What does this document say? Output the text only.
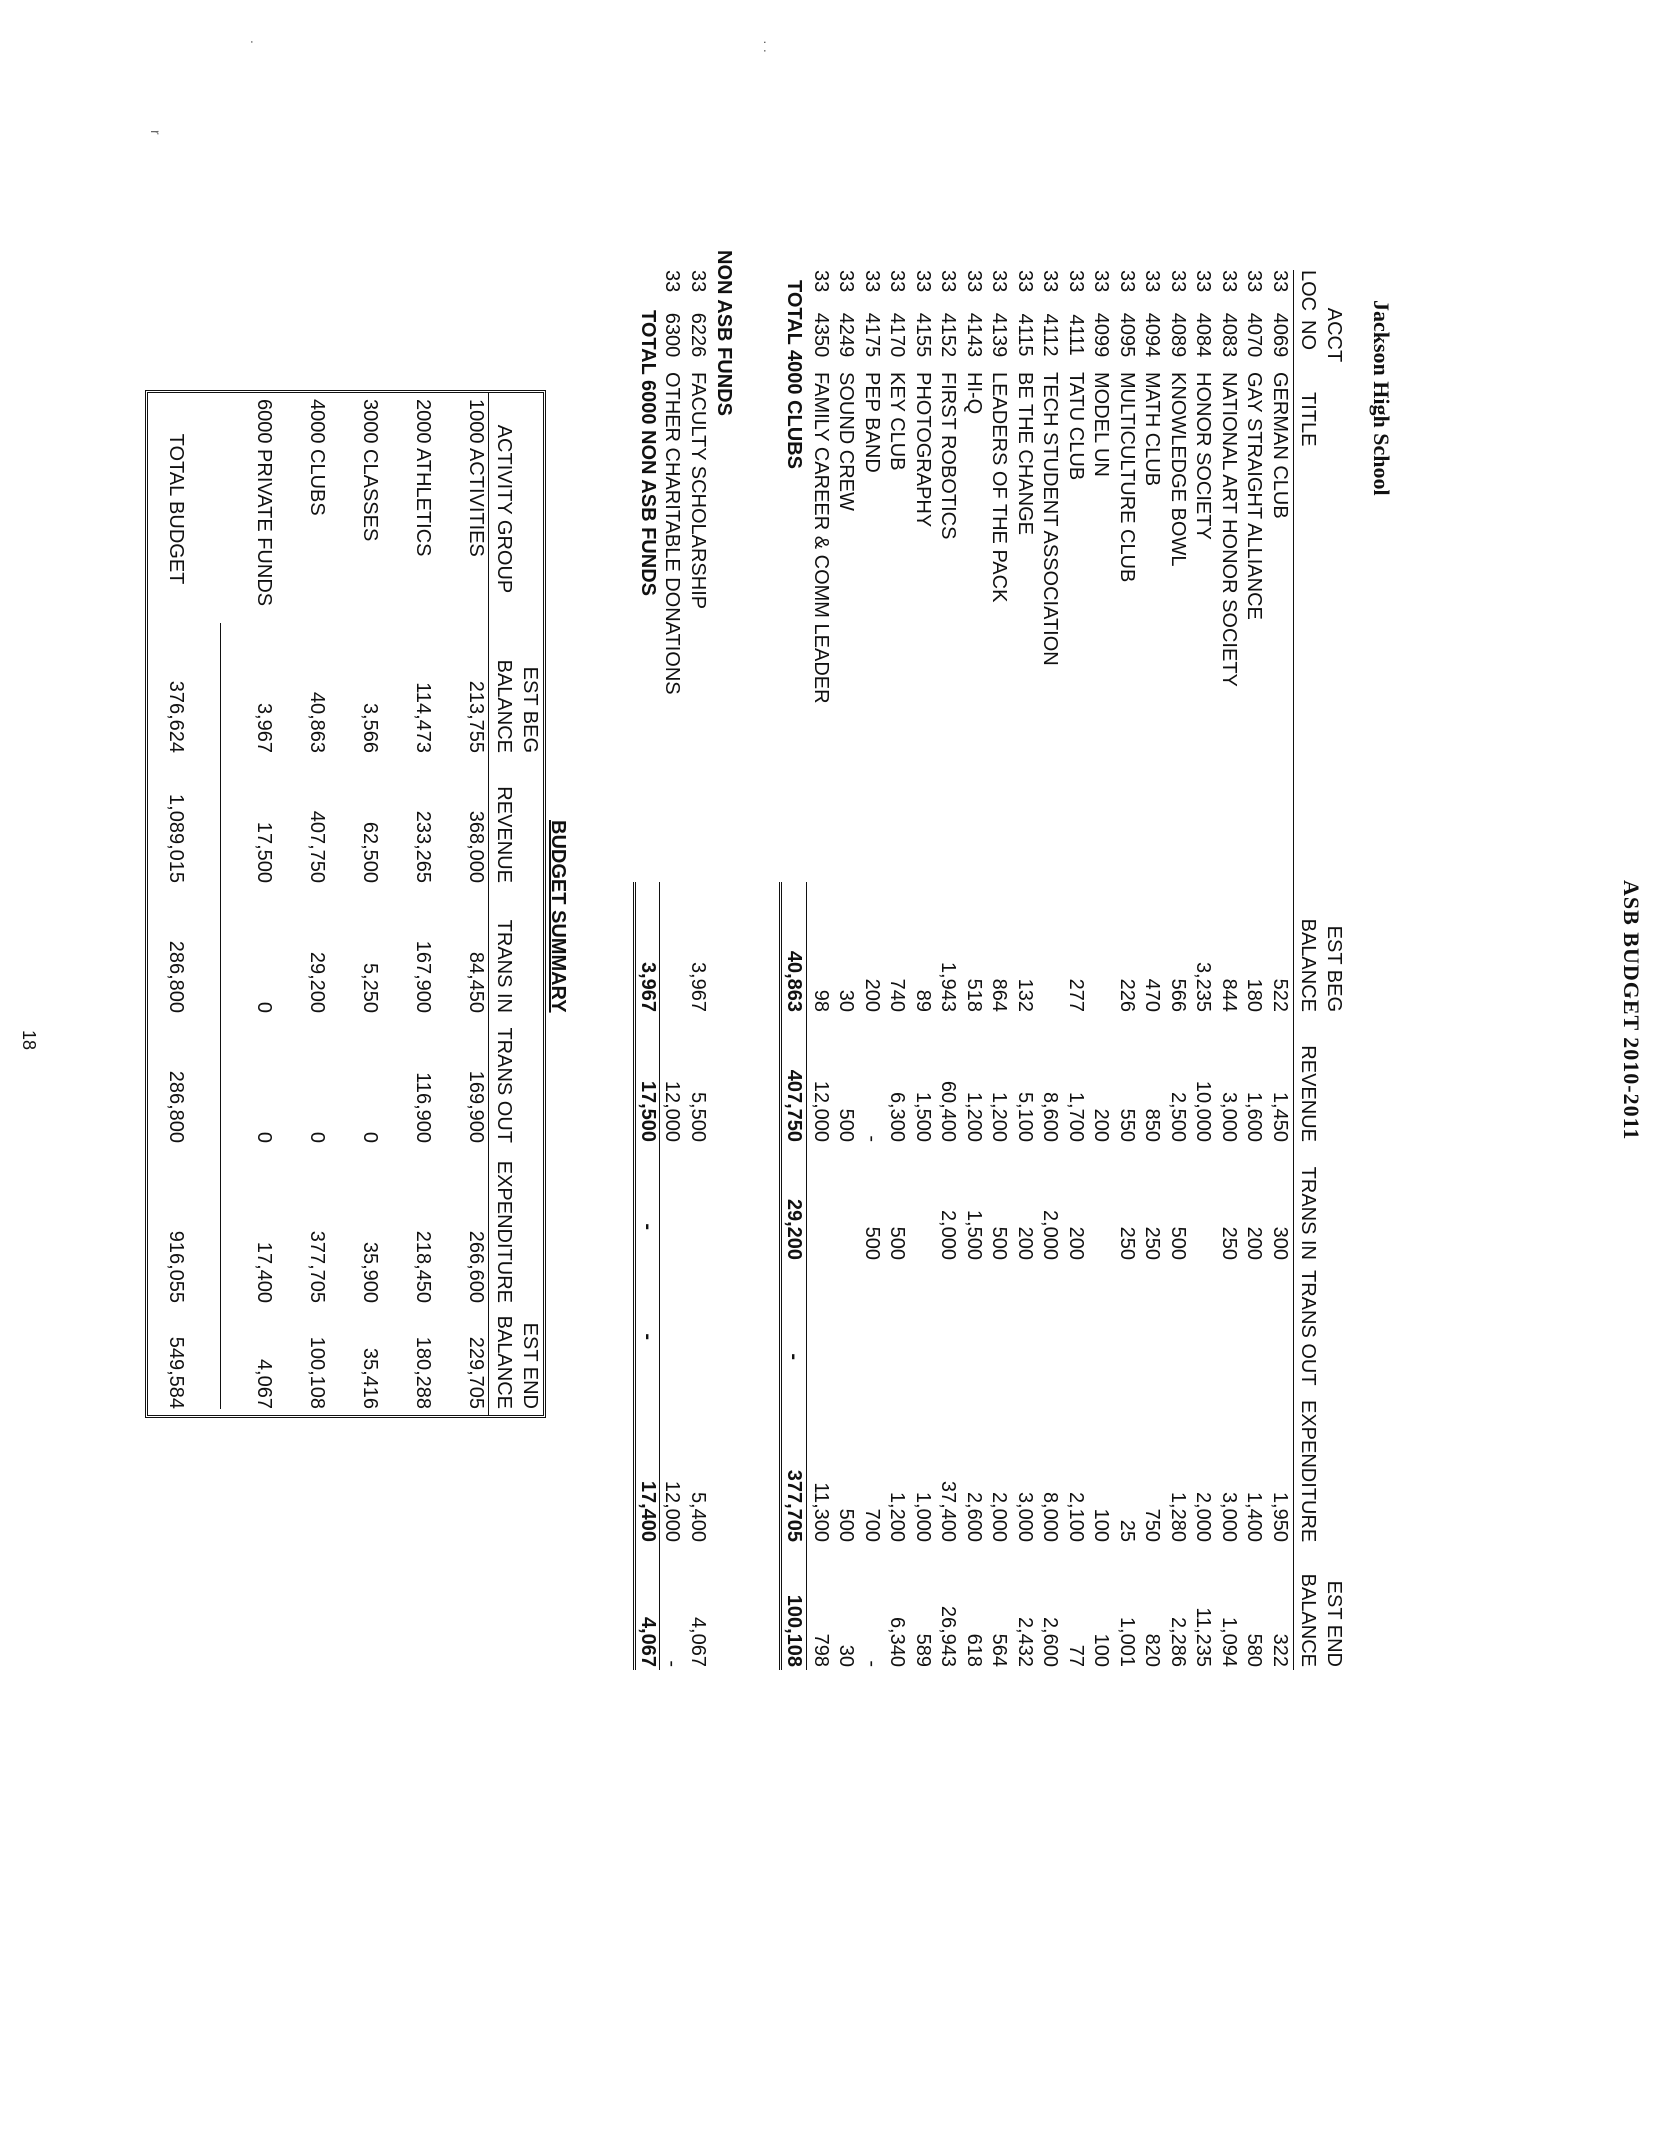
ASB BUDGET 2010-2011
Jackson High School
· ·
.
r
ACCT
EST BEG
EST END
LOC
NO
TITLE
BALANCE
REVENUE
TRANS IN
TRANS OUT
EXPENDITURE
BALANCE
33
4069
GERMAN CLUB
522
1,450
300
1,950
322
33
4070
GAY STRAIGHT ALLIANCE
180
1,600
200
1,400
580
33
4083
NATIONAL ART HONOR SOCIETY
844
3,000
250
3,000
1,094
33
4084
HONOR SOCIETY
3,235
10,000
2,000
11,235
33
4089
KNOWLEDGE BOWL
566
2,500
500
1,280
2,286
33
4094
MATH CLUB
470
850
250
750
820
33
4095
MULTICULTURE CLUB
226
550
250
25
1,001
33
4099
MODEL UN
200
100
100
33
4111
TATU CLUB
277
1,700
200
2,100
77
33
4112
TECH STUDENT ASSOCIATION
8,600
2,000
8,000
2,600
33
4115
BE THE CHANGE
132
5,100
200
3,000
2,432
33
4139
LEADERS OF THE PACK
864
1,200
500
2,000
564
33
4143
HI-Q
518
1,200
1,500
2,600
618
33
4152
FIRST ROBOTICS
1,943
60,400
2,000
37,400
26,943
33
4155
PHOTOGRAPHY
89
1,500
1,000
589
33
4170
KEY CLUB
740
6,300
500
1,200
6,340
33
4175
PEP BAND
200
-
500
700
-
33
4249
SOUND CREW
30
500
500
30
33
4350
FAMILY CAREER & COMM LEADER
98
12,000
11,300
798
TOTAL 4000 CLUBS
40,863
407,750
29,200
-
377,705
100,108
NON ASB FUNDS
33
6226
FACULTY SCHOLARSHIP
3,967
5,500
5,400
4,067
33
6300
OTHER CHARITABLE DONATIONS
12,000
12,000
-
TOTAL 6000 NON ASB FUNDS
3,967
17,500
-
-
17,400
4,067
BUDGET SUMMARY
EST BEG
EST END
ACTIVITY GROUP
BALANCE
REVENUE
TRANS IN
TRANS OUT
EXPENDITURE
BALANCE
1000 ACTIVITIES
213,755
368,000
84,450
169,900
266,600
229,705
2000 ATHLETICS
114,473
233,265
167,900
116,900
218,450
180,288
3000 CLASSES
3,566
62,500
5,250
0
35,900
35,416
4000 CLUBS
40,863
407,750
29,200
0
377,705
100,108
6000 PRIVATE FUNDS
3,967
17,500
0
0
17,400
4,067
TOTAL BUDGET
376,624
1,089,015
286,800
286,800
916,055
549,584
18
